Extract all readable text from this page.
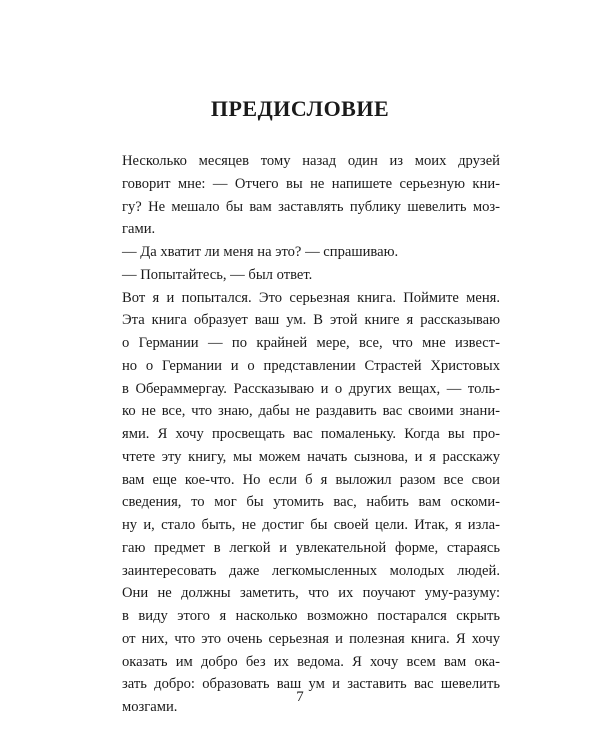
ПРЕДИСЛОВИЕ

Несколько месяцев тому назад один из моих друзей
говорит мне: — Отчего вы не напишете серьезную кни-
гу? Не мешало бы вам заставлять публику шевелить моз-
гами.

— Да хватит ли меня на это? — спрашиваю.

— Попытайтесь, — был ответ.

Вот я и попытался. Это серьезная книга. Поймите меня.
Эта книга образует ваш ум. В этой книге я рассказываю
о Германии — по крайней мере, все, что мне извест-
но о Германии и о представлении Страстей Христовых
в Обераммергау. Рассказываю и о других вещах, — толь-
ко не все, что знаю, дабы не раздавить вас своими знани-
ями. Я хочу просвещать вас помаленьку. Когда вы про-
чтете эту книгу, мы можем начать сызнова, и я расскажу
вам еще кое-что. Но если б я выложил разом все свои
сведения, то мог бы утомить вас, набить вам оскоми-
ну и, стало быть, не достиг бы своей цели. Итак, я изла-
гаю предмет в легкой и увлекательной форме, стараясь
заинтересовать даже легкомысленных молодых людей.
Они не должны заметить, что их поучают уму-разуму:
в виду этого я насколько возможно постарался скрыть
от них, что это очень серьезная и полезная книга. Я хочу
оказать им добро без их ведома. Я хочу всем вам ока-
зать добро: образовать ваш ум и заставить вас шевелить
мозгами.

7
